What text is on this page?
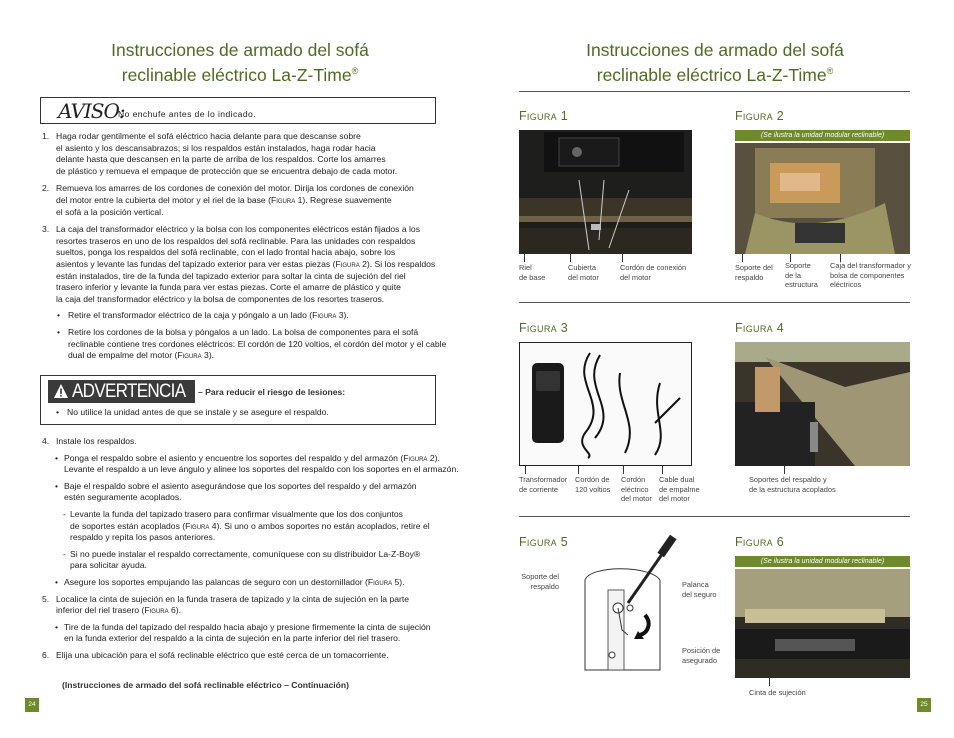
Instrucciones de armado del sofá
reclinable eléctrico La-Z-Time®
AVISO:
No enchufe antes de lo indicado.
Haga rodar gentilmente el sofá eléctrico hacia delante para que descanse sobre
el asiento y los descansabrazos; si los respaldos están instalados, haga rodar hacia
delante hasta que descansen en la parte de arriba de los respaldos. Corte los amarres
de plástico y remueva el empaque de protección que se encuentra debajo de cada motor.
1.
Remueva los amarres de los cordones de conexión del motor. Dirija los cordones de conexión
del motor entre la cubierta del motor y el riel de la base (Figura 1). Regrese suavemente
el sofá a la posición vertical.
2.
La caja del transformador eléctrico y la bolsa con los componentes eléctricos están fijados a los
resortes traseros en uno de los respaldos del sofá reclinable. Para las unidades con respaldos
sueltos, ponga los respaldos del sofá reclinable, con el lado frontal hacia abajo, sobre los
asientos y levante las fundas del tapizado exterior para ver estas piezas (Figura 2). Si los respaldos
están instalados, tire de la funda del tapizado exterior para soltar la cinta de sujeción del riel
trasero inferior y levante la funda para ver estas piezas. Corte el amarre de plástico y quite
la caja del transformador eléctrico y la bolsa de componentes de los resortes traseros.
3.
Retire el transformador eléctrico de la caja y póngalo a un lado (Figura 3).
•
Retire los cordones de la bolsa y póngalos a un lado. La bolsa de componentes para el sofá
reclinable contiene tres cordones eléctricos: El cordón de 120 voltios, el cordón del motor y el cable
dual de empalme del motor (Figura 3).
•
ADVERTENCIA – Para reducir el riesgo de lesiones:
• No utilice la unidad antes de que se instale y se asegure el respaldo.
Instale los respaldos.
4.
Ponga el respaldo sobre el asiento y encuentre los soportes del respaldo y del armazón (Figura 2).
Levante el respaldo a un leve ángulo y alinee los soportes del respaldo con los soportes en el armazón.
•
Baje el respaldo sobre el asiento asegurándose que los soportes del respaldo y del armazón
estén seguramente acoplados.
•
Levante la funda del tapizado trasero para confirmar visualmente que los dos conjuntos
de soportes están acoplados (Figura 4). Si uno o ambos soportes no están acoplados, retire el
respaldo y repita los pasos anteriores.
-
Si no puede instalar el respaldo correctamente, comuníquese con su distribuidor La-Z-Boy®
para solicitar ayuda.
-
Asegure los soportes empujando las palancas de seguro con un destornillador (Figura 5).
•
Localice la cinta de sujeción en la funda trasera de tapizado y la cinta de sujeción en la parte
inferior del riel trasero (Figura 6).
5.
Tire de la funda del tapizado del respaldo hacia abajo y presione firmemente la cinta de sujeción
en la funda exterior del respaldo a la cinta de sujeción en la parte inferior del riel trasero.
•
Elija una ubicación para el sofá reclinable eléctrico que esté cerca de un tomacorriente.
6.
(Instrucciones de armado del sofá reclinable eléctrico – Continuación)
24
Instrucciones de armado del sofá
reclinable eléctrico La-Z-Time®
Figura 1
Riel
de base
Cubierta
del motor
Cordón de conexión
del motor
Figura 2
(Se ilustra la unidad modular reclinable)
Soporte del
respaldo
Soporte
de la
estructura
Caja del transformador y
bolsa de componentes
eléctricos
Figura 3
Transformador
de corriente
Cordón de
120 voltios
Cordón
eléctrico
del motor
Cable dual
de empalme
del motor
Figura 4
Soportes del respaldo y
de la estructura acoplados
Figura 5
Soporte del
respaldo	Palanca
del seguro
Posición de
asegurado
Figura 6
(Se ilustra la unidad modular reclinable)
Cinta de sujeción
25
